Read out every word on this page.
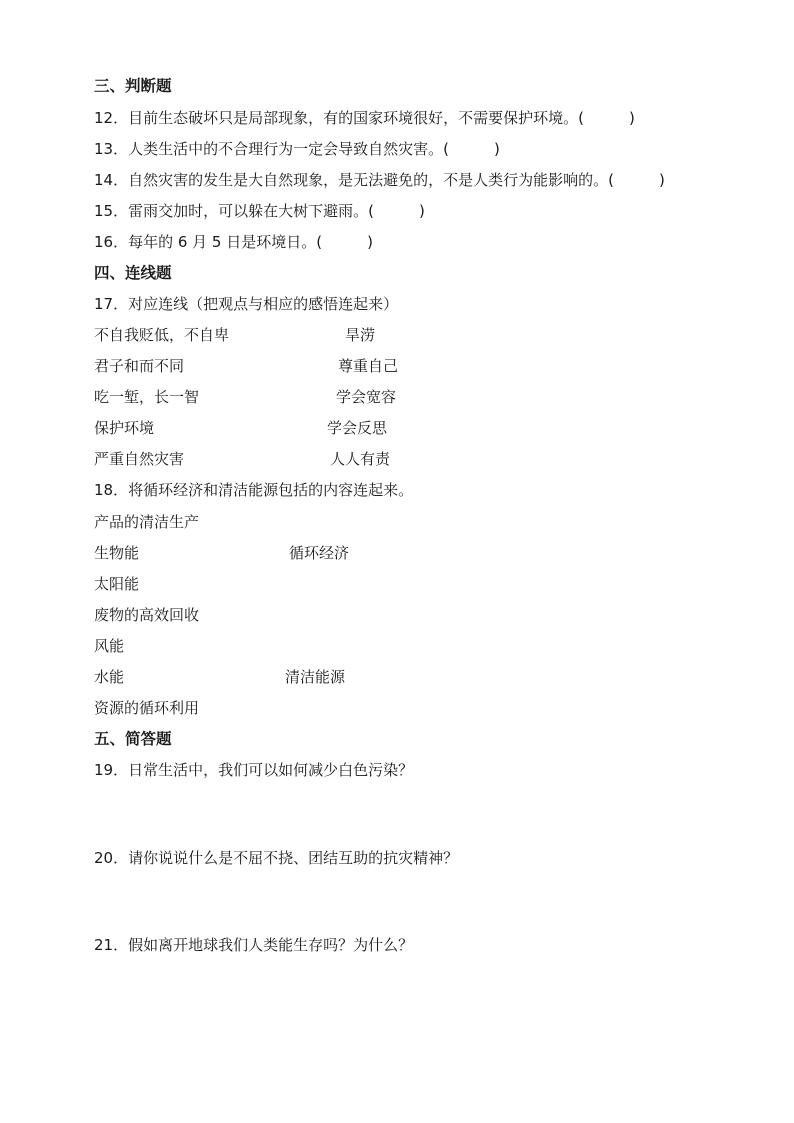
三、判断题
12．目前生态破坏只是局部现象，有的国家环境很好，不需要保护环境。(　　　)
13．人类生活中的不合理行为一定会导致自然灾害。(　　　)
14．自然灾害的发生是大自然现象，是无法避免的，不是人类行为能影响的。(　　　)
15．雷雨交加时，可以躲在大树下避雨。(　　　)
16．每年的 6 月 5 日是环境日。(　　　)
四、连线题
17．对应连线（把观点与相应的感悟连起来）
不自我贬低，不自卑	旱涝
君子和而不同	尊重自己
吃一堑，长一智	学会宽容
保护环境	学会反思
严重自然灾害	人人有责
18．将循环经济和清洁能源包括的内容连起来。
产品的清洁生产
生物能	循环经济
太阳能
废物的高效回收
风能
水能	清洁能源
资源的循环利用
五、简答题
19．日常生活中，我们可以如何减少白色污染？
20．请你说说什么是不屈不挠、团结互助的抗灾精神？
21．假如离开地球我们人类能生存吗？为什么？
